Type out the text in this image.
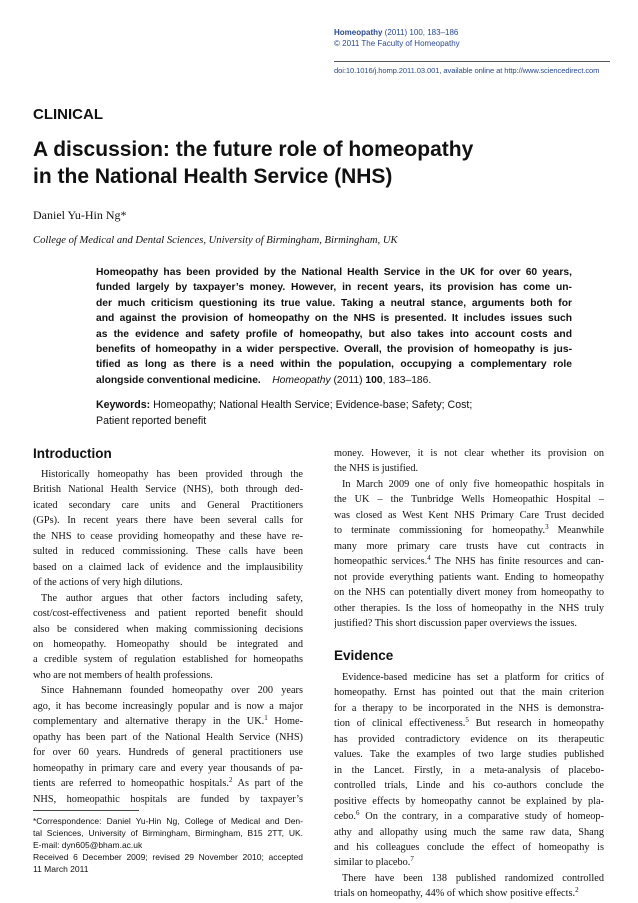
Homeopathy (2011) 100, 183–186
© 2011 The Faculty of Homeopathy
doi:10.1016/j.homp.2011.03.001, available online at http://www.sciencedirect.com
CLINICAL
A discussion: the future role of homeopathy
in the National Health Service (NHS)
Daniel Yu-Hin Ng*
College of Medical and Dental Sciences, University of Birmingham, Birmingham, UK
Homeopathy has been provided by the National Health Service in the UK for over 60 years,
funded largely by taxpayer’s money. However, in recent years, its provision has come un-
der much criticism questioning its true value. Taking a neutral stance, arguments both for
and against the provision of homeopathy on the NHS is presented. It includes issues such
as the evidence and safety profile of homeopathy, but also takes into account costs and
benefits of homeopathy in a wider perspective. Overall, the provision of homeopathy is jus-
tified as long as there is a need within the population, occupying a complementary role
alongside conventional medicine. Homeopathy (2011) 100, 183–186.
Keywords: Homeopathy; National Health Service; Evidence-base; Safety; Cost;
Patient reported benefit
Introduction
Historically homeopathy has been provided through the
British National Health Service (NHS), both through ded-
icated secondary care units and General Practitioners
(GPs). In recent years there have been several calls for
the NHS to cease providing homeopathy and these have re-
sulted in reduced commissioning. These calls have been
based on a claimed lack of evidence and the implausibility
of the actions of very high dilutions.
The author argues that other factors including safety,
cost/cost-effectiveness and patient reported benefit should
also be considered when making commissioning decisions
on homeopathy. Homeopathy should be integrated and
a credible system of regulation established for homeopaths
who are not members of health professions.
Since Hahnemann founded homeopathy over 200 years
ago, it has become increasingly popular and is now a major
complementary and alternative therapy in the UK.$^1$ Home-
opathy has been part of the National Health Service (NHS)
for over 60 years. Hundreds of general practitioners use
homeopathy in primary care and every year thousands of pa-
tients are referred to homeopathic hospitals.$^2$ As part of the
NHS, homeopathic hospitals are funded by taxpayer’s
*Correspondence: Daniel Yu-Hin Ng, College of Medical and Den-
tal Sciences, University of Birmingham, Birmingham, B15 2TT, UK.
E-mail: dyn605@bham.ac.uk
Received 6 December 2009; revised 29 November 2010; accepted
11 March 2011
money. However, it is not clear whether its provision on
the NHS is justified.
In March 2009 one of only five homeopathic hospitals in
the UK – the Tunbridge Wells Homeopathic Hospital –
was closed as West Kent NHS Primary Care Trust decided
to terminate commissioning for homeopathy.$^3$ Meanwhile
many more primary care trusts have cut contracts in
homeopathic services.$^4$ The NHS has finite resources and can-
not provide everything patients want. Ending to homeopathy
on the NHS can potentially divert money from homeopathy to
other therapies. Is the loss of homeopathy in the NHS truly
justified? This short discussion paper overviews the issues.
Evidence
Evidence-based medicine has set a platform for critics of
homeopathy. Ernst has pointed out that the main criterion
for a therapy to be incorporated in the NHS is demonstra-
tion of clinical effectiveness.$^5$ But research in homeopathy
has provided contradictory evidence on its therapeutic
values. Take the examples of two large studies published
in the Lancet. Firstly, in a meta-analysis of placebo-
controlled trials, Linde and his co-authors conclude the
positive effects by homeopathy cannot be explained by pla-
cebo.$^6$ On the contrary, in a comparative study of homeop-
athy and allopathy using much the same raw data, Shang
and his colleagues conclude the effect of homeopathy is
similar to placebo.$^7$
There have been 138 published randomized controlled
trials on homeopathy, 44% of which show positive effects.$^2$
